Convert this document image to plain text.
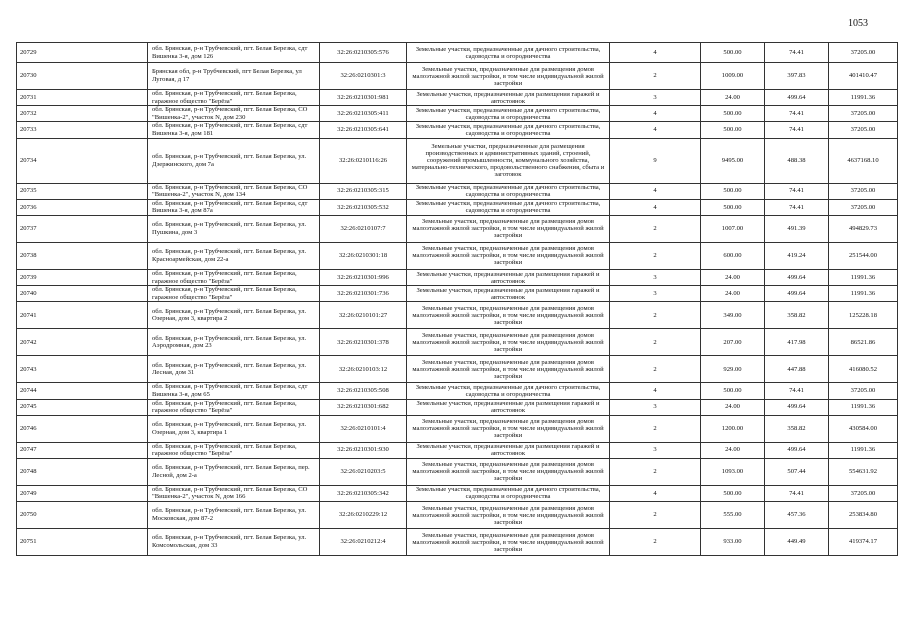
1053
20729	обл. Брянская, р-н Трубчевский, пгт. Белая Березка, сдт Вишенка 3-я, дом 126	32:26:0210305:576	Земельные участки, предназначенные для дачного строительства, садоводства и огородничества	4	500.00	74.41	37205.00
20730	Брянская обл, р-н Трубчевский, пгт Белая Березка, ул Луговая, д 17	32:26:0210301:3	Земельные участки, предназначенные для размещения домов малоэтажной жилой застройки, в том числе индивидуальной жилой застройки	2	1009.00	397.83	401410.47
20731	обл. Брянская, р-н Трубчевский, пгт. Белая Березка, гаражное общество "Берёза"	32:26:0210301:981	Земельные участки, предназначенные для размещения гаражей и автостоянок	3	24.00	499.64	11991.36
20732	обл. Брянская, р-н Трубчевский, пгт. Белая Березка, СО "Вишенка-2", участок N, дом 230	32:26:0210305:411	Земельные участки, предназначенные для дачного строительства, садоводства и огородничества	4	500.00	74.41	37205.00
20733	обл. Брянская, р-н Трубчевский, пгт. Белая Березка, сдт Вишенка 3-я, дом 181	32:26:0210305:641	Земельные участки, предназначенные для дачного строительства, садоводства и огородничества	4	500.00	74.41	37205.00
20734	обл. Брянская, р-н Трубчевский, пгт. Белая Березка, ул. Дзержинского, дом 7а	32:26:0210116:26	Земельные участки, предназначенные для размещения производственных и административных зданий, строений, сооружений промышленности, коммунального хозяйства, материально-технического, продовольственного снабжения, сбыта и заготовок	9	9495.00	488.38	4637168.10
20735	обл. Брянская, р-н Трубчевский, пгт. Белая Березка, СО "Вишенка-2", участок N, дом 134	32:26:0210305:315	Земельные участки, предназначенные для дачного строительства, садоводства и огородничества	4	500.00	74.41	37205.00
20736	обл. Брянская, р-н Трубчевский, пгт. Белая Березка, сдт Вишенка 3-я, дом 87а	32:26:0210305:532	Земельные участки, предназначенные для дачного строительства, садоводства и огородничества	4	500.00	74.41	37205.00
20737	обл. Брянская, р-н Трубчевский, пгт. Белая Березка, ул. Пушкина, дом 3	32:26:0210107:7	Земельные участки, предназначенные для размещения домов малоэтажной жилой застройки, в том числе индивидуальной жилой застройки	2	1007.00	491.39	494829.73
20738	обл. Брянская, р-н Трубчевский, пгт. Белая Березка, ул. Красноармейская, дом 22-а	32:26:0210301:18	Земельные участки, предназначенные для размещения домов малоэтажной жилой застройки, в том числе индивидуальной жилой застройки	2	600.00	419.24	251544.00
20739	обл. Брянская, р-н Трубчевский, пгт. Белая Березка, гаражное общество "Берёза"	32:26:0210301:996	Земельные участки, предназначенные для размещения гаражей и автостоянок	3	24.00	499.64	11991.36
20740	обл. Брянская, р-н Трубчевский, пгт. Белая Березка, гаражное общество "Берёза"	32:26:0210301:736	Земельные участки, предназначенные для размещения гаражей и автостоянок	3	24.00	499.64	11991.36
20741	обл. Брянская, р-н Трубчевский, пгт. Белая Березка, ул. Озерная, дом 3, квартира 2	32:26:0210101:27	Земельные участки, предназначенные для размещения домов малоэтажной жилой застройки, в том числе индивидуальной жилой застройки	2	349.00	358.82	125228.18
20742	обл. Брянская, р-н Трубчевский, пгт. Белая Березка, ул. Аэродромная, дом 23	32:26:0210301:378	Земельные участки, предназначенные для размещения домов малоэтажной жилой застройки, в том числе индивидуальной жилой застройки	2	207.00	417.98	86521.86
20743	обл. Брянская, р-н Трубчевский, пгт. Белая Березка, ул. Лесная, дом 31	32:26:0210103:12	Земельные участки, предназначенные для размещения домов малоэтажной жилой застройки, в том числе индивидуальной жилой застройки	2	929.00	447.88	416080.52
20744	обл. Брянская, р-н Трубчевский, пгт. Белая Березка, сдт Вишенка 3-я, дом 65	32:26:0210305:508	Земельные участки, предназначенные для дачного строительства, садоводства и огородничества	4	500.00	74.41	37205.00
20745	обл. Брянская, р-н Трубчевский, пгт. Белая Березка, гаражное общество "Берёза"	32:26:0210301:682	Земельные участки, предназначенные для размещения гаражей и автостоянок	3	24.00	499.64	11991.36
20746	обл. Брянская, р-н Трубчевский, пгт. Белая Березка, ул. Озерная, дом 3, квартира 1	32:26:0210101:4	Земельные участки, предназначенные для размещения домов малоэтажной жилой застройки, в том числе индивидуальной жилой застройки	2	1200.00	358.82	430584.00
20747	обл. Брянская, р-н Трубчевский, пгт. Белая Березка, гаражное общество "Берёза"	32:26:0210301:930	Земельные участки, предназначенные для размещения гаражей и автостоянок	3	24.00	499.64	11991.36
20748	обл. Брянская, р-н Трубчевский, пгт. Белая Березка, пер. Лесной, дом 2-а	32:26:0210203:5	Земельные участки, предназначенные для размещения домов малоэтажной жилой застройки, в том числе индивидуальной жилой застройки	2	1093.00	507.44	554631.92
20749	обл. Брянская, р-н Трубчевский, пгт. Белая Березка, СО "Вишенка-2", участок N, дом 166	32:26:0210305:342	Земельные участки, предназначенные для дачного строительства, садоводства и огородничества	4	500.00	74.41	37205.00
20750	обл. Брянская, р-н Трубчевский, пгт. Белая Березка, ул. Московская, дом 87-2	32:26:0210229:12	Земельные участки, предназначенные для размещения домов малоэтажной жилой застройки, в том числе индивидуальной жилой застройки	2	555.00	457.36	253834.80
20751	обл. Брянская, р-н Трубчевский, пгт. Белая Березка, ул. Комсомольская, дом 33	32:26:0210212:4	Земельные участки, предназначенные для размещения домов малоэтажной жилой застройки, в том числе индивидуальной жилой застройки	2	933.00	449.49	419374.17
